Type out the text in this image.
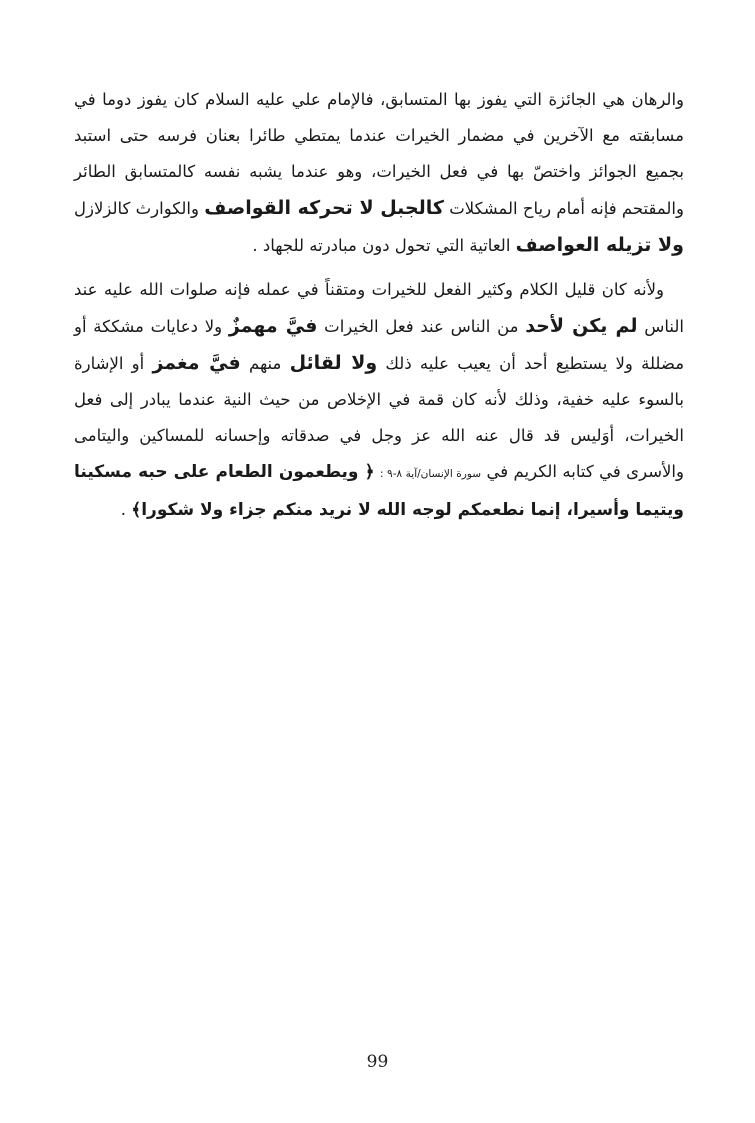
والرهان هي الجائزة التي يفوز بها المتسابق، فالإمام علي عليه السلام كان يفوز دوما في مسابقته مع الآخرين في مضمار الخيرات عندما يمتطي طائرا بعنان فرسه حتى استبد بجميع الجوائز واختصّ بها في فعل الخيرات، وهو عندما يشبه نفسه كالمتسابق الطائر والمقتحم فإنه أمام رياح المشكلات كالجبل لا تحركه القواصف والكوارث كالزلازل ولا تزيله العواصف العاتية التي تحول دون مبادرته للجهاد .

ولأنه كان قليل الكلام وكثير الفعل للخيرات ومتقناً في عمله فإنه صلوات الله عليه عند الناس لم يكن لأحد من الناس عند فعل الخيرات فيَّ مهمزٌ ولا دعايات مشككة أو مضللة ولا يستطيع أحد أن يعيب عليه ذلك ولا لقائل منهم فيَّ مغمز أو الإشارة بالسوء عليه خفية، وذلك لأنه كان قمة في الإخلاص من حيث النية عندما يبادر إلى فعل الخيرات، أوَليس قد قال عنه الله عز وجل في صدقاته وإحسانه للمساكين واليتامى والأسرى في كتابه الكريم في سورة الإنسان/آية ٨-٩ : ﴿ ويطعمون الطعام على حبه مسكينا ويتيما وأسيرا، إنما نطعمكم لوجه الله لا نريد منكم جزاء ولا شكورا﴾ .

99
